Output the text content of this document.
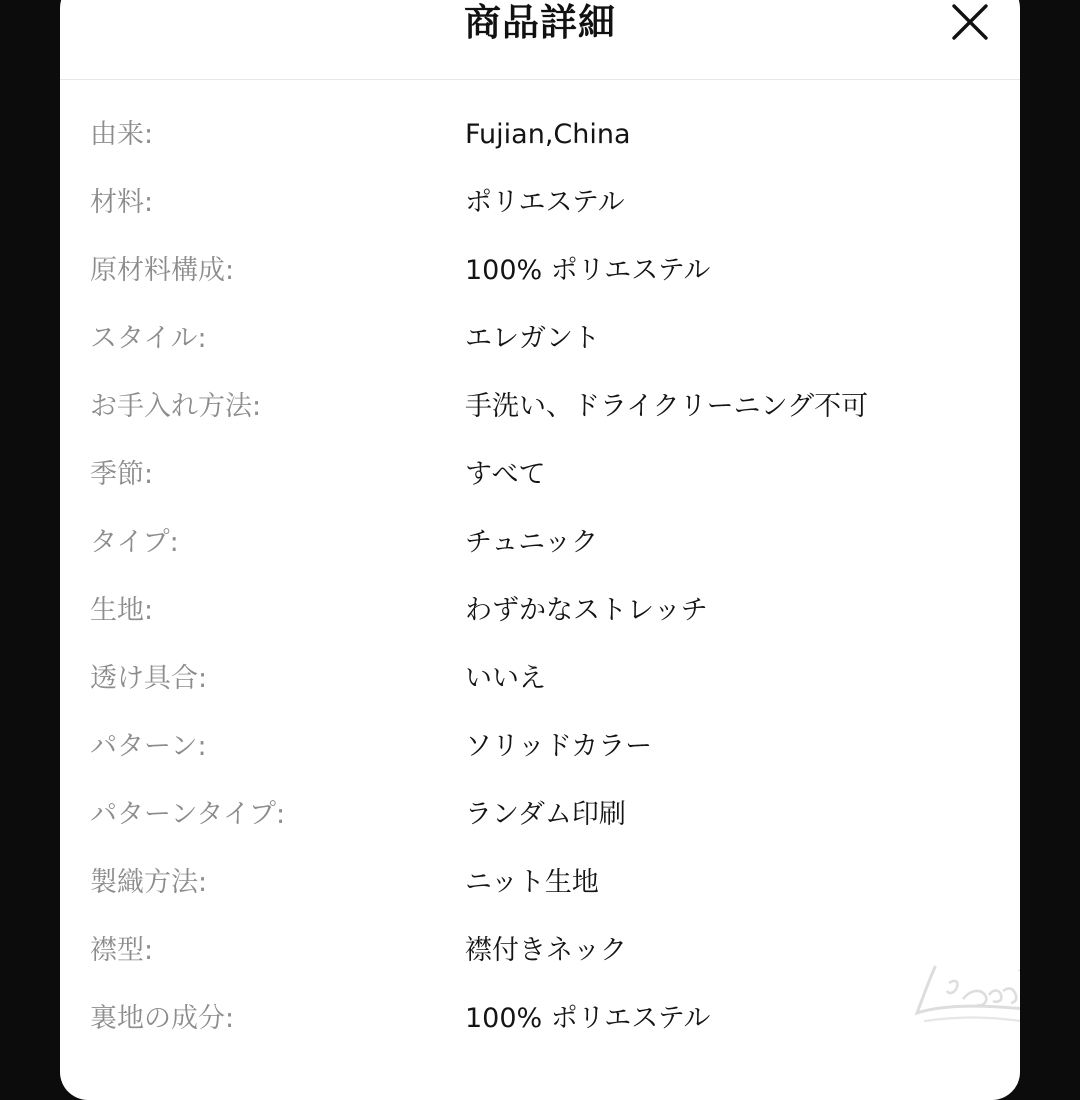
商品詳細
由来:	Fujian,China
材料:	ポリエステル
原材料構成:	100% ポリエステル
スタイル:	エレガント
お手入れ方法:	手洗い、ドライクリーニング不可
季節:	すべて
タイプ:	チュニック
生地:	わずかなストレッチ
透け具合:	いいえ
パターン:	ソリッドカラー
パターンタイプ:	ランダム印刷
製織方法:	ニット生地
襟型:	襟付きネック
裏地の成分:	100% ポリエステル
